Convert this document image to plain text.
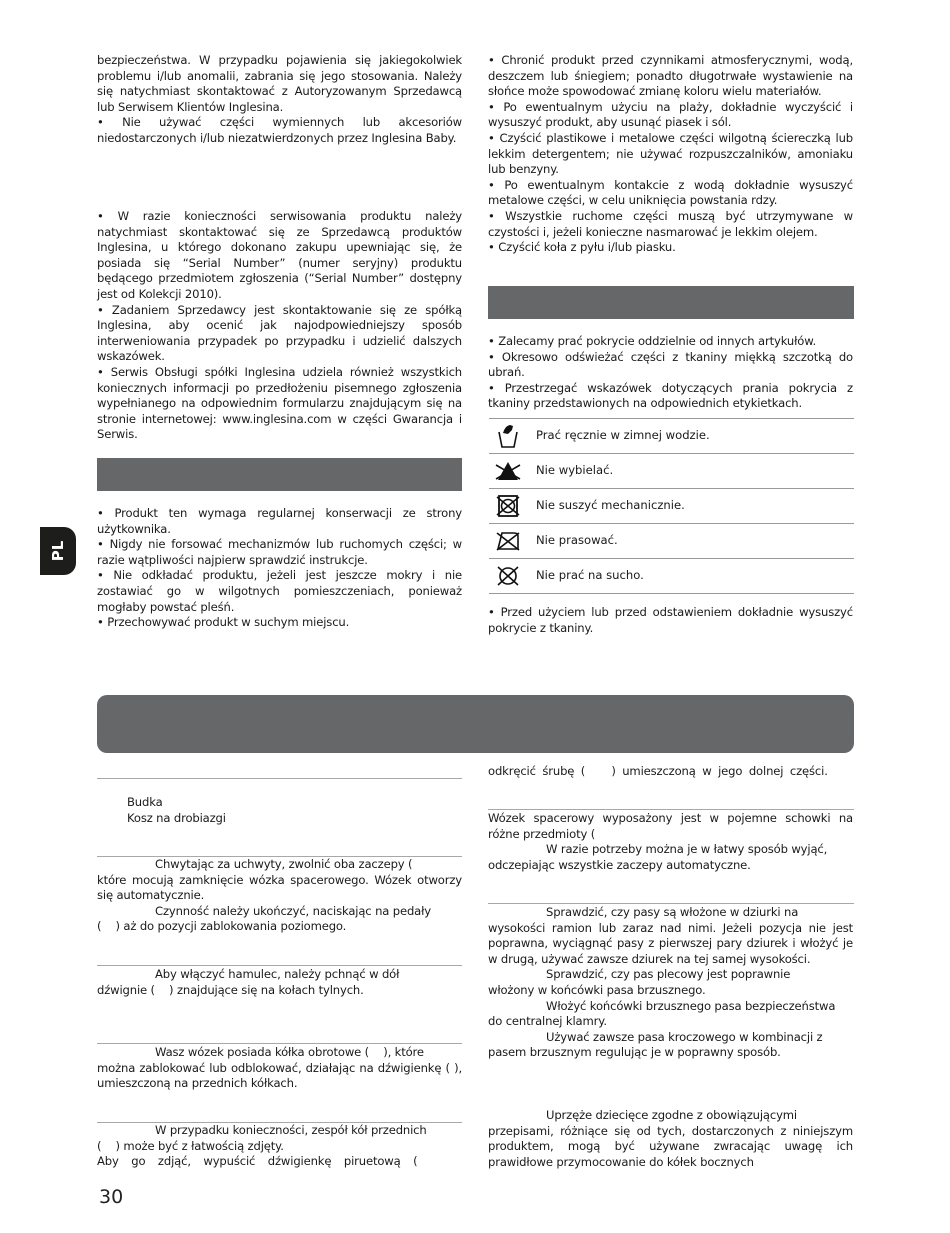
bezpieczeństwa. W przypadku pojawienia się jakiegokolwiek problemu i/lub anomalii, zabrania się jego stosowania. Należy się natychmiast skontaktować z Autoryzowanym Sprzedawcą lub Serwisem Klientów Inglesina.

• Nie używać części wymiennych lub akcesoriów niedostarczonych i/lub niezatwierdzonych przez Inglesina Baby.

• W razie konieczności serwisowania produktu należy natychmiast skontaktować się ze Sprzedawcą produktów Inglesina, u którego dokonano zakupu upewniając się, że posiada się “Serial Number” (numer seryjny) produktu będącego przedmiotem zgłoszenia (“Serial Number” dostępny jest od Kolekcji 2010).

• Zadaniem Sprzedawcy jest skontaktowanie się ze spółką Inglesina, aby ocenić jak najodpowiedniejszy sposób interweniowania przypadek po przypadku i udzielić dalszych wskazówek.

• Serwis Obsługi spółki Inglesina udziela również wszystkich koniecznych informacji po przedłożeniu pisemnego zgłoszenia wypełnianego na odpowiednim formularzu znajdującym się na stronie internetowej: www.inglesina.com w części Gwarancja i Serwis.

• Produkt ten wymaga regularnej konserwacji ze strony użytkownika.

• Nigdy nie forsować mechanizmów lub ruchomych części; w razie wątpliwości najpierw sprawdzić instrukcje.

• Nie odkładać produktu, jeżeli jest jeszcze mokry i nie zostawiać go w wilgotnych pomieszczeniach, ponieważ mogłaby powstać pleśń.

• Przechowywać produkt w suchym miejscu.

PL

• Chronić produkt przed czynnikami atmosferycznymi, wodą, deszczem lub śniegiem; ponadto długotrwałe wystawienie na słońce może spowodować zmianę koloru wielu materiałów.

• Po ewentualnym użyciu na plaży, dokładnie wyczyścić i wysuszyć produkt, aby usunąć piasek i sól.

• Czyścić plastikowe i metalowe części wilgotną ściereczką lub lekkim detergentem; nie używać rozpuszczalników, amoniaku lub benzyny.

• Po ewentualnym kontakcie z wodą dokładnie wysuszyć metalowe części, w celu uniknięcia powstania rdzy.

• Wszystkie ruchome części muszą być utrzymywane w czystości i, jeżeli konieczne nasmarować je lekkim olejem.

• Czyścić koła z pyłu i/lub piasku.

• Zalecamy prać pokrycie oddzielnie od innych artykułów.

• Okresowo odświeżać części z tkaniny miękką szczotką do ubrań.

• Przestrzegać wskazówek dotyczących prania pokrycia z tkaniny przedstawionych na odpowiednich etykietkach.

Prać ręcznie w zimnej wodzie.
Nie wybielać.
Nie suszyć mechanicznie.
Nie prasować.
Nie prać na sucho.

• Przed użyciem lub przed odstawieniem dokładnie wysuszyć pokrycie z tkaniny.

Budka

Kosz na drobiazgi

Chwytając za uchwyty, zwolnić oba zaczepy (

które mocują zamknięcie wózka spacerowego. Wózek otworzy się automatycznie.

Czynność należy ukończyć, naciskając na pedały

(    ) aż do pozycji zablokowania poziomego.

Aby włączyć hamulec, należy pchnąć w dół

dźwignie (    ) znajdujące się na kołach tylnych.

Wasz wózek posiada kółka obrotowe (    ), które

można zablokować lub odblokować, działając na dźwigienkę ( ), umieszczoną na przednich kółkach.

W przypadku konieczności, zespół kół przednich

(    ) może być z łatwością zdjęty.

Aby go zdjąć, wypuścić dźwigienkę piruetową (

30

odkręcić śrubę (    ) umieszczoną w jego dolnej części.

Wózek spacerowy wyposażony jest w pojemne schowki na różne przedmioty (

W razie potrzeby można je w łatwy sposób wyjąć,

odczepiając wszystkie zaczepy automatyczne.

Sprawdzić, czy pasy są włożone w dziurki na

wysokości ramion lub zaraz nad nimi. Jeżeli pozycja nie jest poprawna, wyciągnąć pasy z pierwszej pary dziurek i włożyć je w drugą, używać zawsze dziurek na tej samej wysokości.

Sprawdzić, czy pas plecowy jest poprawnie

włożony w końcówki pasa brzusznego.

Włożyć końcówki brzusznego pasa bezpieczeństwa

do centralnej klamry.

Używać zawsze pasa kroczowego w kombinacji z

pasem brzusznym regulując je w poprawny sposób.

Uprzęże dziecięce zgodne z obowiązującymi

przepisami, różniące się od tych, dostarczonych z niniejszym produktem, mogą być używane zwracając uwagę ich prawidłowe przymocowanie do kółek bocznych
